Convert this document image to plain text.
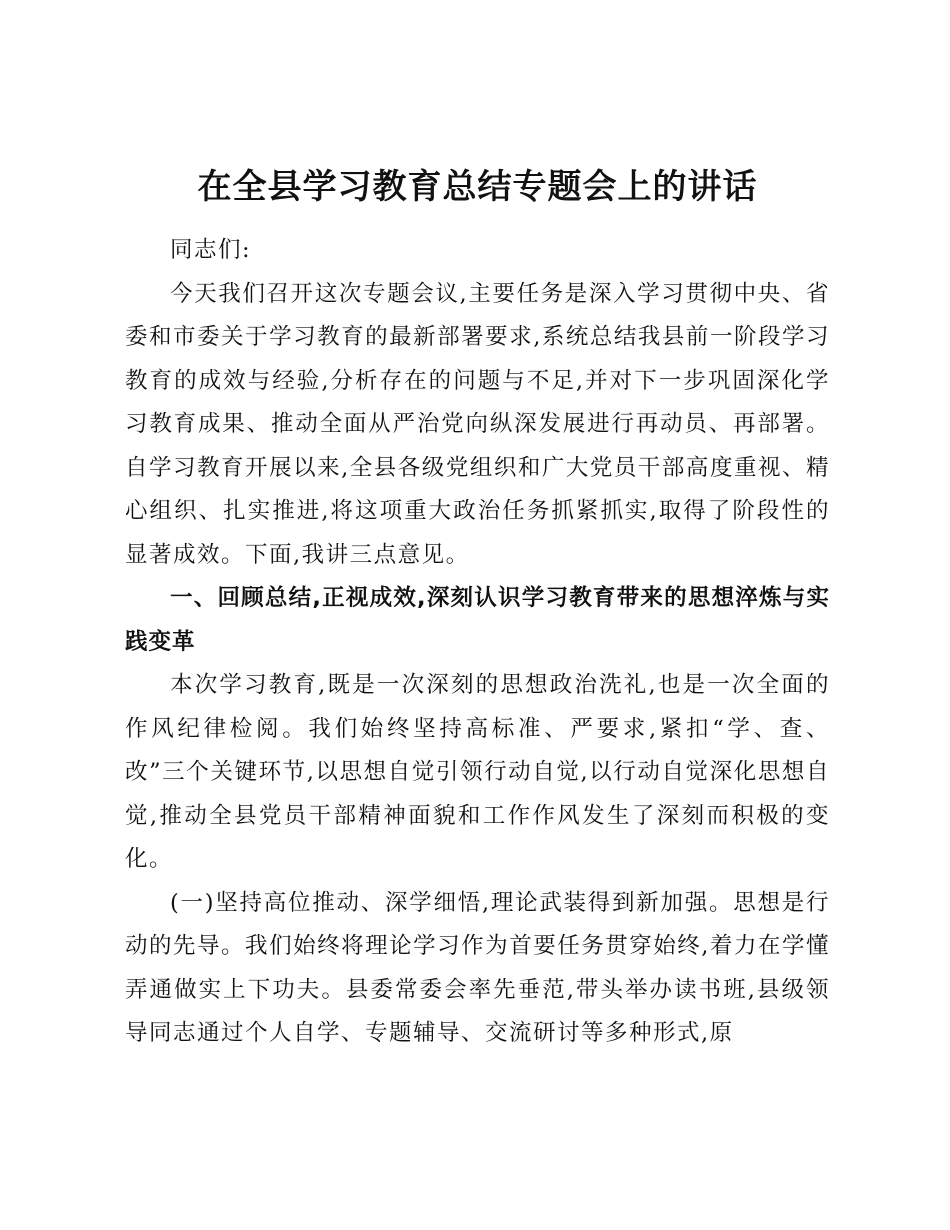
在全县学习教育总结专题会上的讲话

同志们:

今天我们召开这次专题会议,主要任务是深入学习贯彻中央、省委和市委关于学习教育的最新部署要求,系统总结我县前一阶段学习教育的成效与经验,分析存在的问题与不足,并对下一步巩固深化学习教育成果、推动全面从严治党向纵深发展进行再动员、再部署。自学习教育开展以来,全县各级党组织和广大党员干部高度重视、精心组织、扎实推进,将这项重大政治任务抓紧抓实,取得了阶段性的显著成效。下面,我讲三点意见。

一、回顾总结,正视成效,深刻认识学习教育带来的思想淬炼与实践变革

本次学习教育,既是一次深刻的思想政治洗礼,也是一次全面的作风纪律检阅。我们始终坚持高标准、严要求,紧扣“学、查、改”三个关键环节,以思想自觉引领行动自觉,以行动自觉深化思想自觉,推动全县党员干部精神面貌和工作作风发生了深刻而积极的变化。

(一)坚持高位推动、深学细悟,理论武装得到新加强。思想是行动的先导。我们始终将理论学习作为首要任务贯穿始终,着力在学懂弄通做实上下功夫。县委常委会率先垂范,带头举办读书班,县级领导同志通过个人自学、专题辅导、交流研讨等多种形式,原
